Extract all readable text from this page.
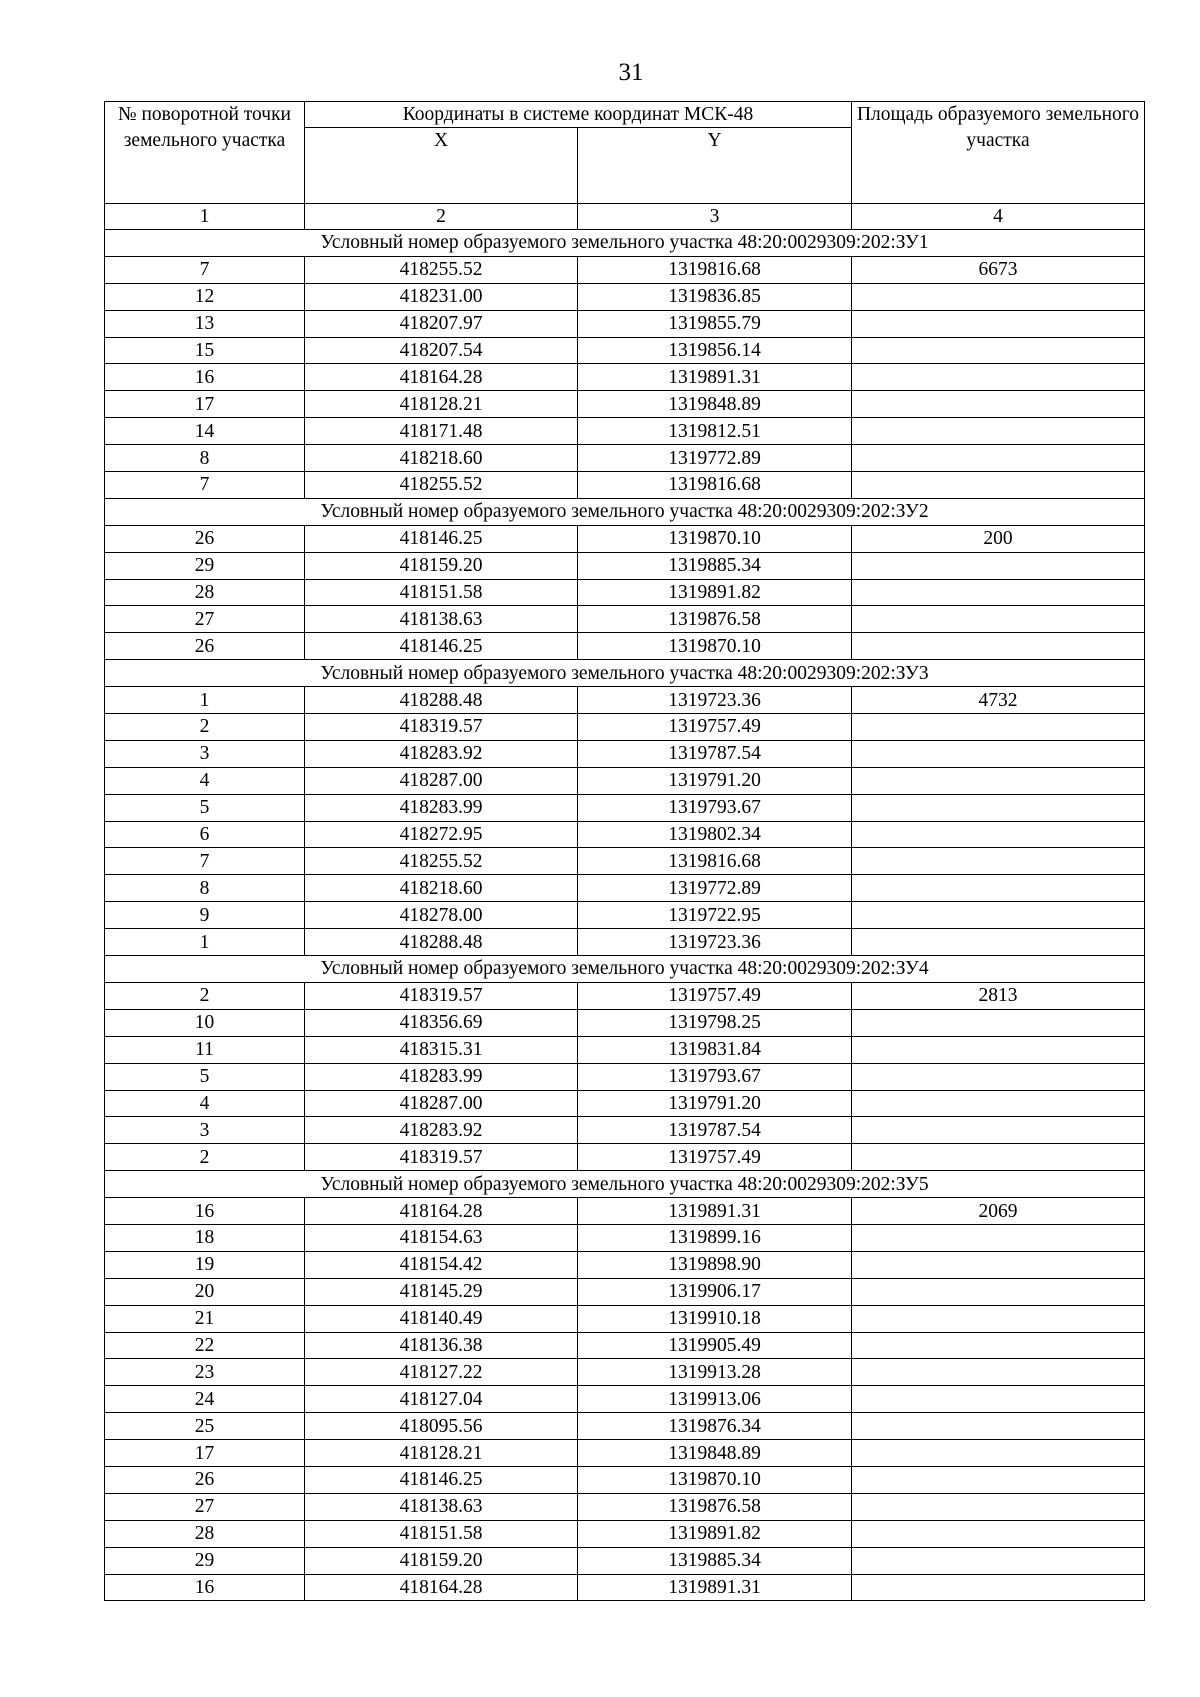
31
№ поворотной точки земельного участка	Координаты в системе координат МСК-48		Площадь образуемого земельного участка
	X	Y	
1	2	3	4
Условный номер образуемого земельного участка 48:20:0029309:202:ЗУ1			
7	418255.52	1319816.68	6673
12	418231.00	1319836.85	
13	418207.97	1319855.79	
15	418207.54	1319856.14	
16	418164.28	1319891.31	
17	418128.21	1319848.89	
14	418171.48	1319812.51	
8	418218.60	1319772.89	
7	418255.52	1319816.68	
Условный номер образуемого земельного участка 48:20:0029309:202:ЗУ2			
26	418146.25	1319870.10	200
29	418159.20	1319885.34	
28	418151.58	1319891.82	
27	418138.63	1319876.58	
26	418146.25	1319870.10	
Условный номер образуемого земельного участка 48:20:0029309:202:ЗУ3			
1	418288.48	1319723.36	4732
2	418319.57	1319757.49	
3	418283.92	1319787.54	
4	418287.00	1319791.20	
5	418283.99	1319793.67	
6	418272.95	1319802.34	
7	418255.52	1319816.68	
8	418218.60	1319772.89	
9	418278.00	1319722.95	
1	418288.48	1319723.36	
Условный номер образуемого земельного участка 48:20:0029309:202:ЗУ4			
2	418319.57	1319757.49	2813
10	418356.69	1319798.25	
11	418315.31	1319831.84	
5	418283.99	1319793.67	
4	418287.00	1319791.20	
3	418283.92	1319787.54	
2	418319.57	1319757.49	
Условный номер образуемого земельного участка 48:20:0029309:202:ЗУ5			
16	418164.28	1319891.31	2069
18	418154.63	1319899.16	
19	418154.42	1319898.90	
20	418145.29	1319906.17	
21	418140.49	1319910.18	
22	418136.38	1319905.49	
23	418127.22	1319913.28	
24	418127.04	1319913.06	
25	418095.56	1319876.34	
17	418128.21	1319848.89	
26	418146.25	1319870.10	
27	418138.63	1319876.58	
28	418151.58	1319891.82	
29	418159.20	1319885.34	
16	418164.28	1319891.31	
